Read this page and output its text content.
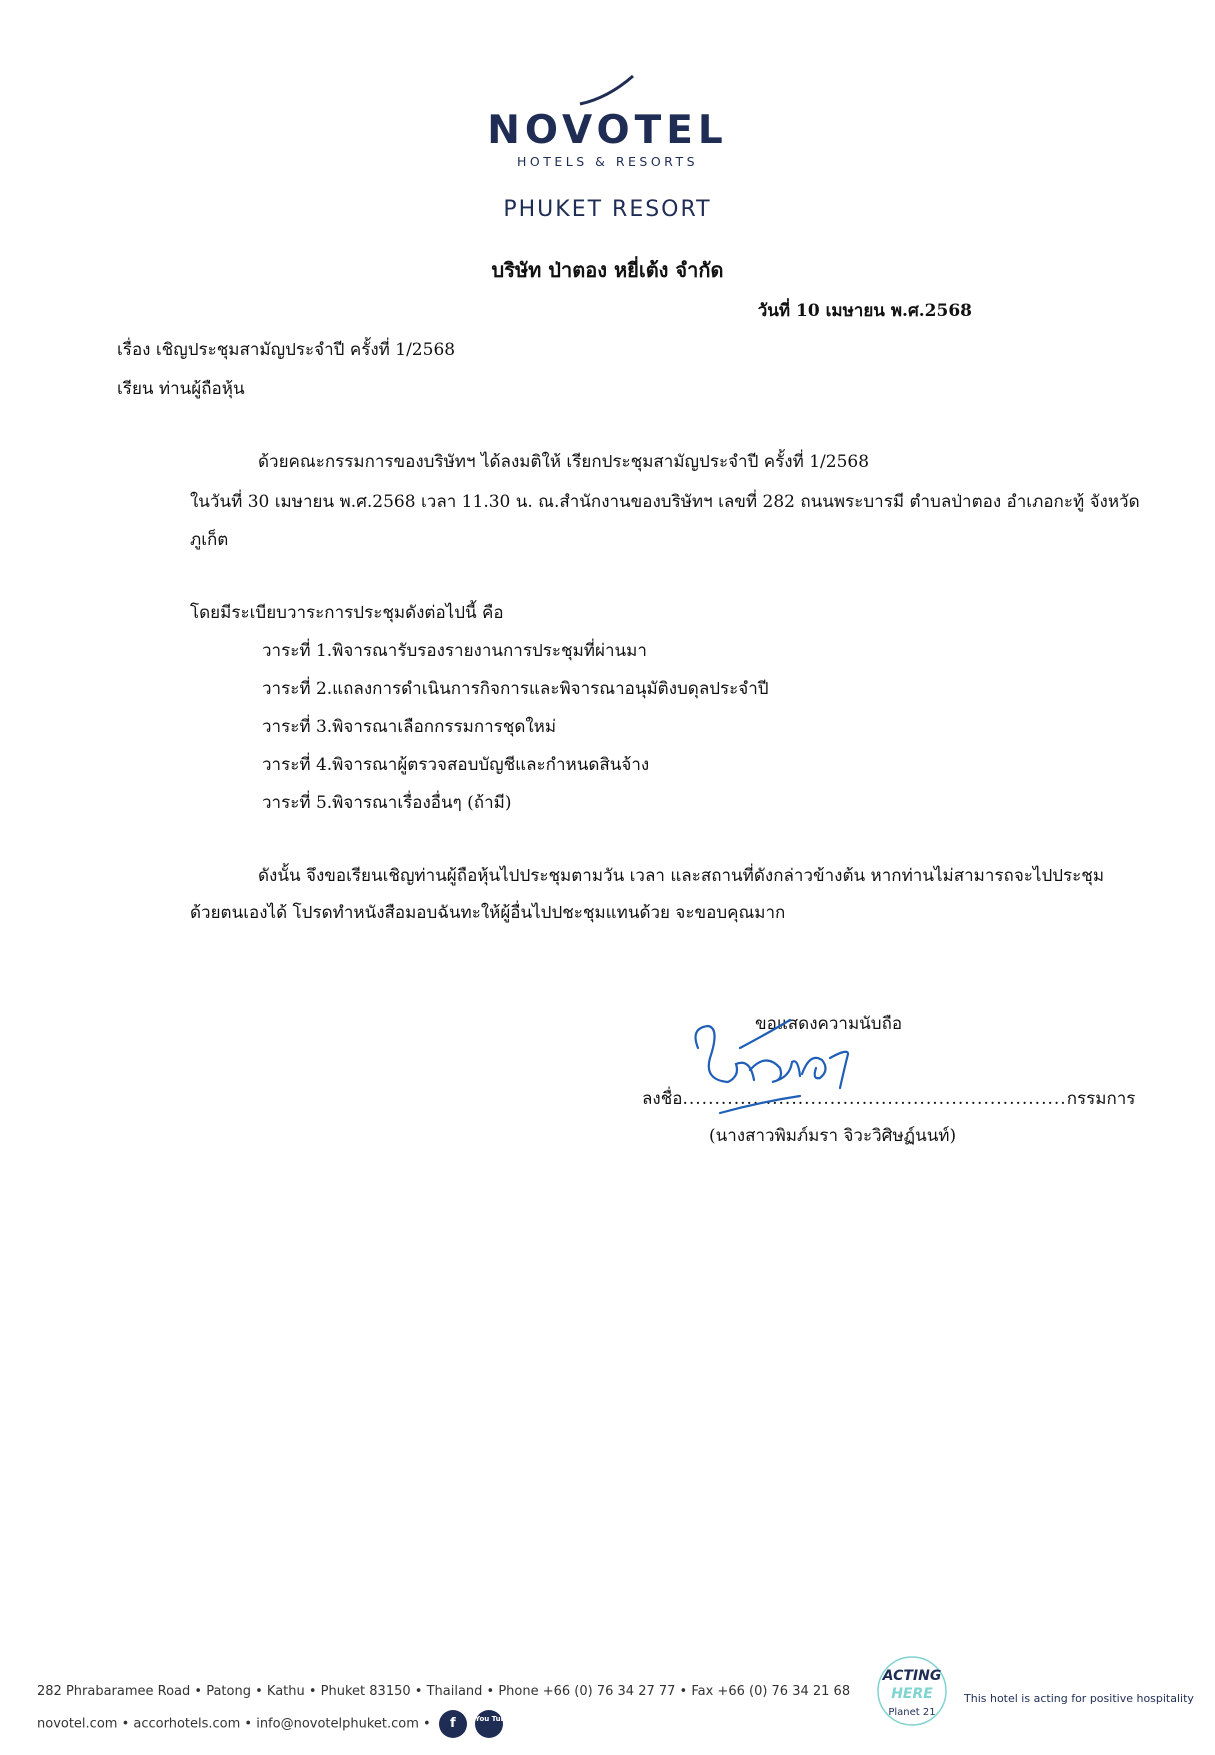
NOVOTEL
HOTELS & RESORTS
PHUKET RESORT
บริษัท ป่าตอง หยี่เต้ง จำกัด
วันที่ 10 เมษายน พ.ศ.2568
เรื่อง เชิญประชุมสามัญประจำปี ครั้งที่ 1/2568
เรียน ท่านผู้ถือหุ้น
ด้วยคณะกรรมการของบริษัทฯ ได้ลงมติให้ เรียกประชุมสามัญประจำปี ครั้งที่ 1/2568
ในวันที่ 30 เมษายน พ.ศ.2568 เวลา 11.30 น. ณ.สำนักงานของบริษัทฯ เลขที่ 282 ถนนพระบารมี ตำบลป่าตอง อำเภอกะทู้ จังหวัด
ภูเก็ต
โดยมีระเบียบวาระการประชุมดังต่อไปนี้ คือ
วาระที่ 1.พิจารณารับรองรายงานการประชุมที่ผ่านมา
วาระที่ 2.แถลงการดำเนินการกิจการและพิจารณาอนุมัติงบดุลประจำปี
วาระที่ 3.พิจารณาเลือกกรรมการชุดใหม่
วาระที่ 4.พิจารณาผู้ตรวจสอบบัญชีและกำหนดสินจ้าง
วาระที่ 5.พิจารณาเรื่องอื่นๆ (ถ้ามี)
ดังนั้น จึงขอเรียนเชิญท่านผู้ถือหุ้นไปประชุมตามวัน เวลา และสถานที่ดังกล่าวข้างต้น หากท่านไม่สามารถจะไปประชุม
ด้วยตนเองได้ โปรดทำหนังสือมอบฉันทะให้ผู้อื่นไปปชะชุมแทนด้วย จะขอบคุณมาก
ขอแสดงความนับถือ
ลงชื่อ............................................................กรรมการ
(นางสาวพิมภ์มรา จิวะวิศิษฏ์นนท์)
282 Phrabaramee Road • Patong • Kathu • Phuket 83150 • Thailand • Phone +66 (0) 76 34 27 77 • Fax +66 (0) 76 34 21 68
novotel.com • accorhotels.com • info@novotelphuket.com • f	You Tube
ACTING
HERE
Planet 21
This hotel is acting for positive hospitality
